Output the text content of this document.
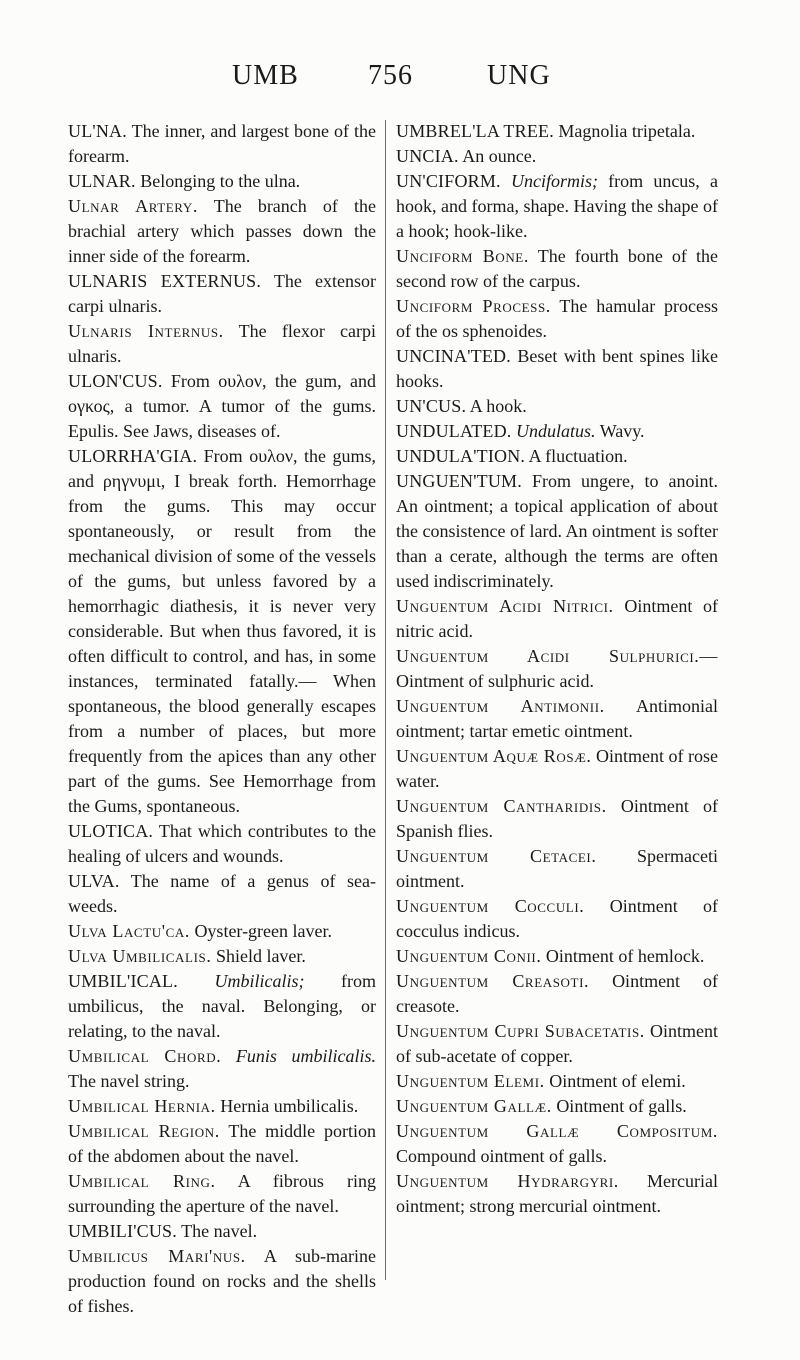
UMB 756	UNG

UL'NA. The inner, and largest bone of the forearm.

ULNAR. Belonging to the ulna.

Ulnar Artery. The branch of the brachial artery which passes down the inner side of the forearm.

ULNARIS EXTERNUS. The extensor carpi ulnaris.

Ulnaris Internus. The flexor carpi ulnaris.

ULON'CUS. From ουλον, the gum, and ογκος, a tumor. A tumor of the gums. Epulis. See Jaws, diseases of.

ULORRHA'GIA. From ουλον, the gums, and ρηγνυμι, I break forth. Hemorrhage from the gums. This may occur spontaneously, or result from the mechanical division of some of the vessels of the gums, but unless favored by a hemorrhagic diathesis, it is never very considerable. But when thus favored, it is often difficult to control, and has, in some instances, terminated fatally.— When spontaneous, the blood generally escapes from a number of places, but more frequently from the apices than any other part of the gums. See Hemorrhage from the Gums, spontaneous.

ULOTICA. That which contributes to the healing of ulcers and wounds.

ULVA. The name of a genus of sea-weeds.

Ulva Lactu'ca. Oyster-green laver.

Ulva Umbilicalis. Shield laver.

UMBIL'ICAL. Umbilicalis; from umbilicus, the naval. Belonging, or relating, to the naval.

Umbilical Chord. Funis umbilicalis. The navel string.

Umbilical Hernia. Hernia umbilicalis.

Umbilical Region. The middle portion of the abdomen about the navel.

Umbilical Ring. A fibrous ring surrounding the aperture of the navel.

UMBILI'CUS. The navel.

Umbilicus Mari'nus. A sub-marine production found on rocks and the shells of fishes.

UMBREL'LA TREE. Magnolia tripetala.

UNCIA. An ounce.

UN'CIFORM. Unciformis; from uncus, a hook, and forma, shape. Having the shape of a hook; hook-like.

Unciform Bone. The fourth bone of the second row of the carpus.

Unciform Process. The hamular process of the os sphenoides.

UNCINA'TED. Beset with bent spines like hooks.

UN'CUS. A hook.

UNDULATED. Undulatus. Wavy.

UNDULA'TION. A fluctuation.

UNGUEN'TUM. From ungere, to anoint. An ointment; a topical application of about the consistence of lard. An ointment is softer than a cerate, although the terms are often used indiscriminately.

Unguentum Acidi Nitrici. Ointment of nitric acid.

Unguentum Acidi Sulphurici.— Ointment of sulphuric acid.

Unguentum Antimonii. Antimonial ointment; tartar emetic ointment.

Unguentum Aquæ Rosæ. Ointment of rose water.

Unguentum Cantharidis. Ointment of Spanish flies.

Unguentum Cetacei. Spermaceti ointment.

Unguentum Cocculi. Ointment of cocculus indicus.

Unguentum Conii. Ointment of hemlock.

Unguentum Creasoti. Ointment of creasote.

Unguentum Cupri Subacetatis. Ointment of sub-acetate of copper.

Unguentum Elemi. Ointment of elemi.

Unguentum Gallæ. Ointment of galls.

Unguentum Gallæ Compositum. Compound ointment of galls.

Unguentum Hydrargyri. Mercurial ointment; strong mercurial ointment.
